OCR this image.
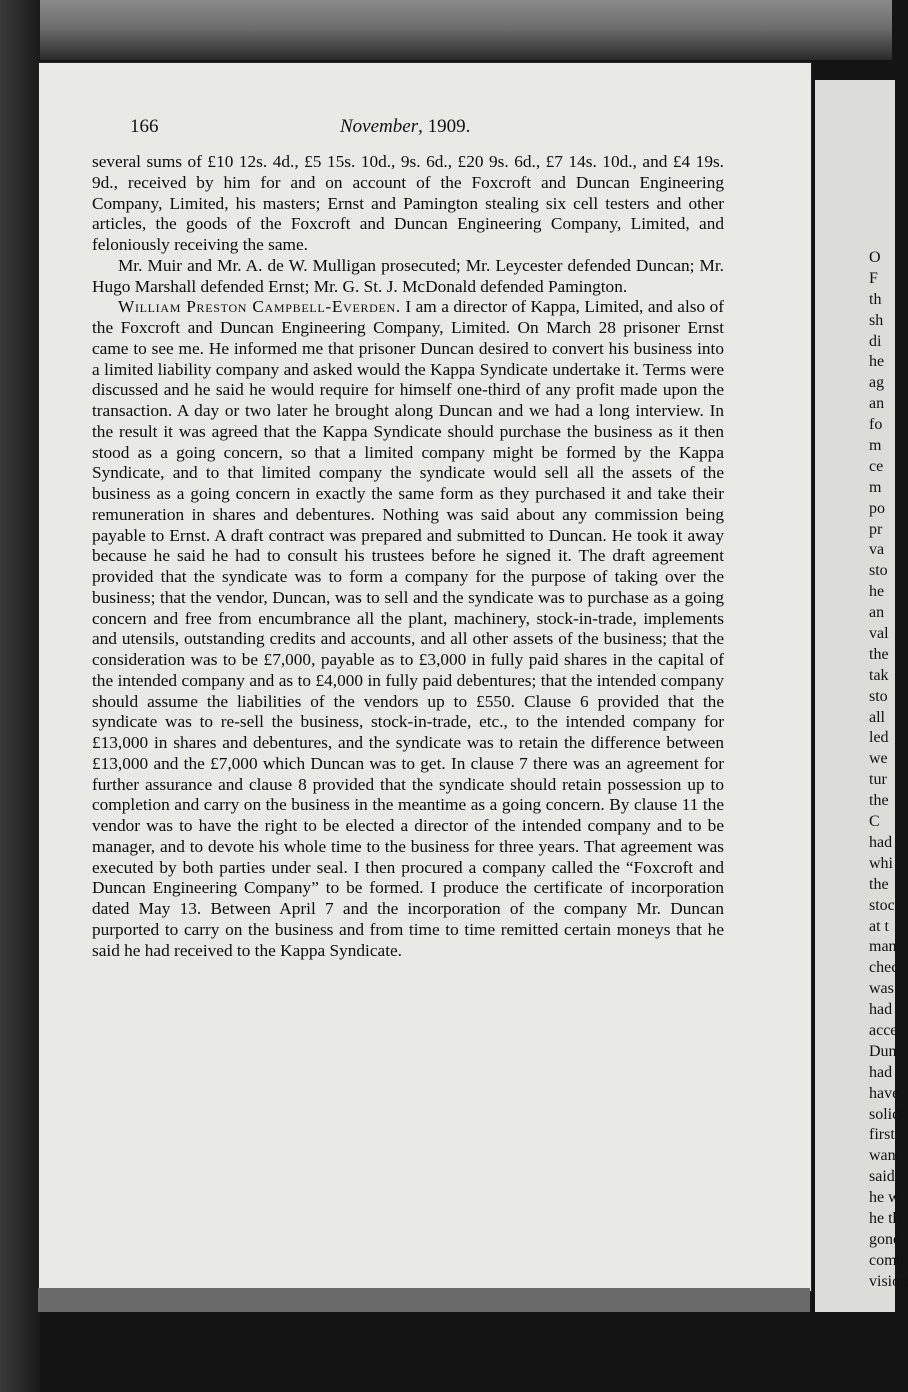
O
F
th
sh
di
he
ag
an
fo
m
ce
m
po
pr
va
sto
he
an
val
the
tak
sto
all
led
we
tur
the
C
had
whi
the
stoc
at t
man
chec
was
had
acce
Dun
had
have
solici
first
want
said
he w
he th
gone
comp
vision
166	November, 1909.

several sums of £10 12s. 4d., £5 15s. 10d., 9s. 6d., £20 9s. 6d., £7 14s. 10d., and £4 19s. 9d., received by him for and on account of the Foxcroft and Duncan Engineering Company, Limited, his masters; Ernst and Pamington stealing six cell testers and other articles, the goods of the Foxcroft and Duncan Engineering Company, Limited, and feloniously receiving the same.

Mr. Muir and Mr. A. de W. Mulligan prosecuted; Mr. Leycester defended Duncan; Mr. Hugo Marshall defended Ernst; Mr. G. St. J. McDonald defended Pamington.

William Preston Campbell-Everden. I am a director of Kappa, Limited, and also of the Foxcroft and Duncan Engineering Company, Limited. On March 28 prisoner Ernst came to see me. He informed me that prisoner Duncan desired to convert his business into a limited liability company and asked would the Kappa Syndicate undertake it. Terms were discussed and he said he would require for himself one-third of any profit made upon the transaction. A day or two later he brought along Duncan and we had a long interview. In the result it was agreed that the Kappa Syndicate should purchase the business as it then stood as a going concern, so that a limited company might be formed by the Kappa Syndicate, and to that limited company the syndicate would sell all the assets of the business as a going concern in exactly the same form as they purchased it and take their remuneration in shares and debentures. Nothing was said about any commission being payable to Ernst. A draft contract was prepared and submitted to Duncan. He took it away because he said he had to consult his trustees before he signed it. The draft agreement provided that the syndicate was to form a company for the purpose of taking over the business; that the vendor, Duncan, was to sell and the syndicate was to purchase as a going concern and free from encumbrance all the plant, machinery, stock-in-trade, implements and utensils, outstanding credits and accounts, and all other assets of the business; that the consideration was to be £7,000, payable as to £3,000 in fully paid shares in the capital of the intended company and as to £4,000 in fully paid debentures; that the intended company should assume the liabilities of the vendors up to £550. Clause 6 provided that the syndicate was to re-sell the business, stock-in-trade, etc., to the intended company for £13,000 in shares and debentures, and the syndicate was to retain the difference between £13,000 and the £7,000 which Duncan was to get. In clause 7 there was an agreement for further assurance and clause 8 provided that the syndicate should retain possession up to completion and carry on the business in the meantime as a going concern. By clause 11 the vendor was to have the right to be elected a director of the intended company and to be manager, and to devote his whole time to the business for three years. That agreement was executed by both parties under seal. I then procured a company called the “Foxcroft and Duncan Engineering Company” to be formed. I produce the certificate of incorporation dated May 13. Between April 7 and the incorporation of the company Mr. Duncan purported to carry on the business and from time to time remitted certain moneys that he said he had received to the Kappa Syndicate.
